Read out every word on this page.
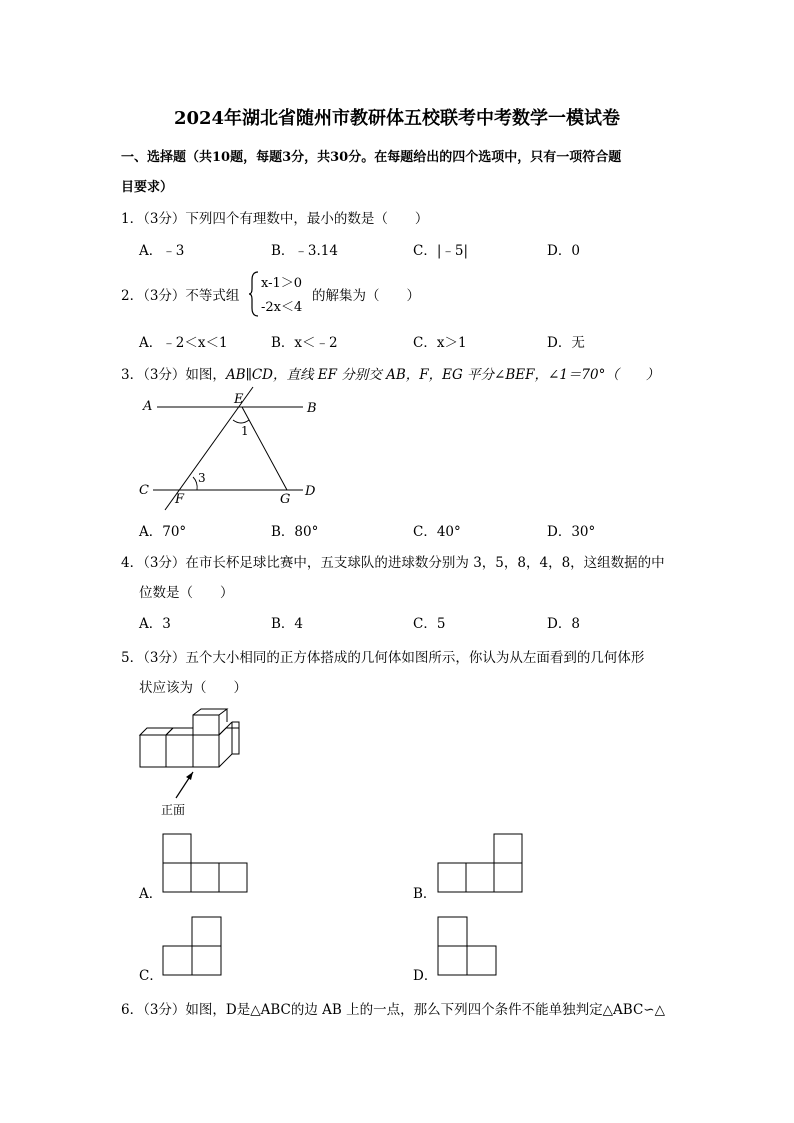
2024年湖北省随州市教研体五校联考中考数学一模试卷
一、选择题（共10题，每题3分，共30分。在每题给出的四个选项中，只有一项符合题
目要求）
1．（3分）下列四个有理数中，最小的数是（　　）
A．﹣3	B．﹣3.14	C．|﹣5|	D．0
2．（3分）不等式组
x-1＞0
-2x＜4
的解集为（　　）
A．﹣2＜x＜1	B．x＜﹣2	C．x＞1	D．无
3．（3分）如图，AB∥CD，直线 EF 分别交 AB，F，EG 平分∠BEF，∠1＝70°（　　）
A	B
C	D
E
F	G
1
3
A．70°	B．80°	C．40°	D．30°
4．（3分）在市长杯足球比赛中，五支球队的进球数分别为 3，5，8，4，8，这组数据的中
位数是（　　）
A．3	B．4	C．5	D．8
5．（3分）五个大小相同的正方体搭成的几何体如图所示，你认为从左面看到的几何体形
状应该为（　　）
正面
A．	B．
C．	D．
6．（3分）如图，D是△ABC的边 AB 上的一点，那么下列四个条件不能单独判定△ABC∽△
